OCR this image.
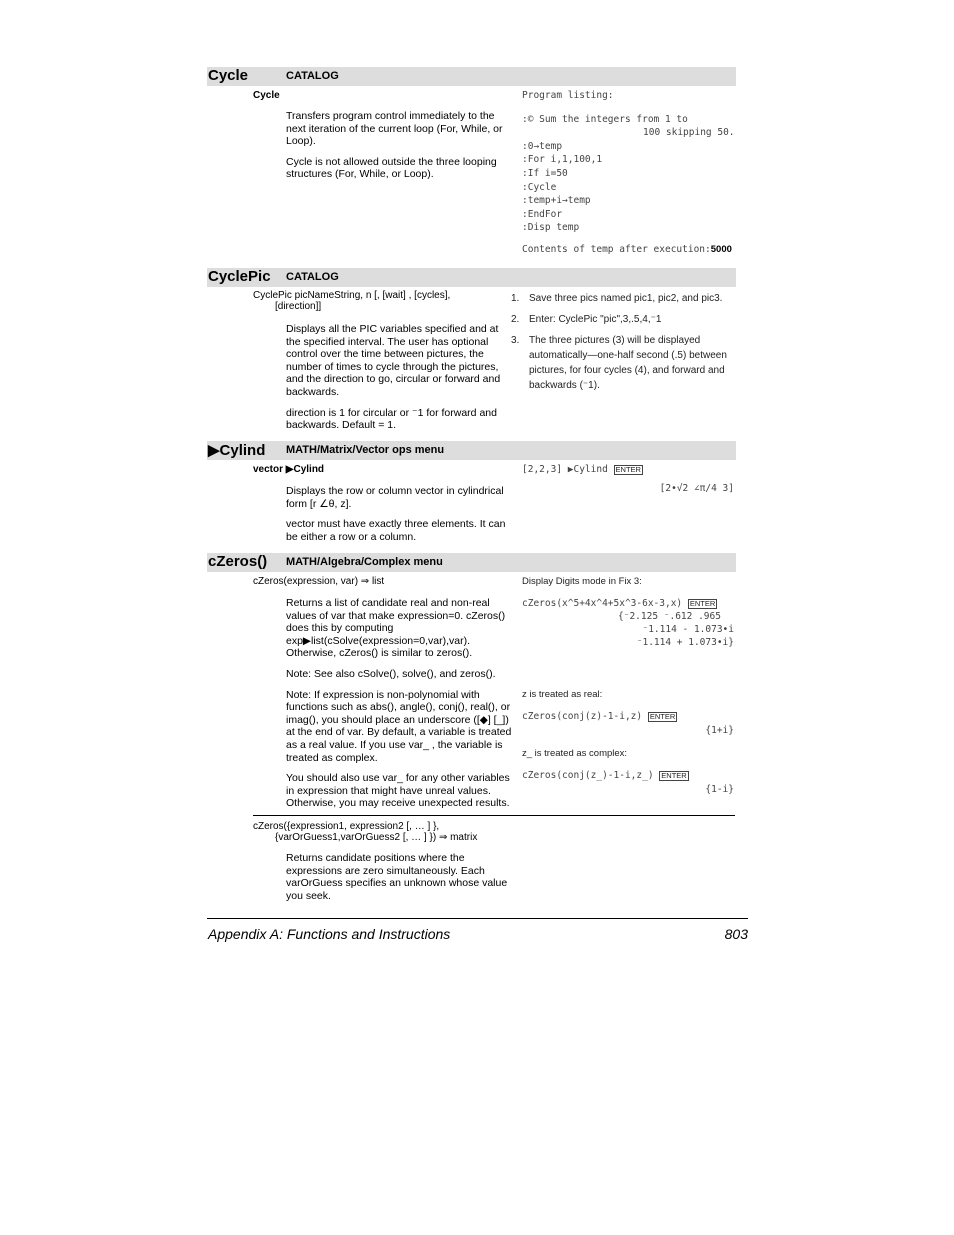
Cycle	CATALOG
Cycle

Transfers program control immediately to the next iteration of the current loop (For, While, or Loop).

Cycle is not allowed outside the three looping structures (For, While, or Loop).

Program listing:
:© Sum the integers from 1 to
100 skipping 50.
:0→temp
:For i,1,100,1
:If i=50
:Cycle
:temp+i→temp
:EndFor
:Disp temp
Contents of temp after execution:5000
CyclePic CATALOG
CyclePic picNameString, n [, [wait] , [cycles],
[direction]]

Displays all the PIC variables specified and at the specified interval. The user has optional control over the time between pictures, the number of times to cycle through the pictures, and the direction to go, circular or forward and backwards.

direction is 1 for circular or ⁻1 for forward and backwards. Default = 1.

1. Save three pics named pic1, pic2, and pic3.
2. Enter: CyclePic "pic",3,.5,4,⁻1
3. The three pictures (3) will be displayed automatically—one-half second (.5) between pictures, for four cycles (4), and forward and backwards (⁻1).
▶Cylind MATH/Matrix/Vector ops menu
vector ▶Cylind

Displays the row or column vector in cylindrical form [r ∠θ, z].

vector must have exactly three elements. It can be either a row or a column.

[2,2,3] ▶Cylind ENTER
[2•√2 ∠π/4 3]
cZeros() MATH/Algebra/Complex menu
cZeros(expression, var) ⇒ list

Returns a list of candidate real and non-real values of var that make expression=0. cZeros() does this by computing exp▶list(cSolve(expression=0,var),var). Otherwise, cZeros() is similar to zeros().

Note: See also cSolve(), solve(), and zeros().

Note: If expression is non-polynomial with functions such as abs(), angle(), conj(), real(), or imag(), you should place an underscore ([◆] [_]) at the end of var. By default, a variable is treated as a real value. If you use var_ , the variable is treated as complex.

You should also use var_ for any other variables in expression that might have unreal values. Otherwise, you may receive unexpected results.

Display Digits mode in Fix 3:
cZeros(x^5+4x^4+5x^3-6x-3,x) ENTER
{⁻2.125 ⁻.612 .965
⁻1.114 - 1.073•i
⁻1.114 + 1.073•i}
z is treated as real:
cZeros(conj(z)-1-i,z) ENTER
{1+i}
z_ is treated as complex:
cZeros(conj(z_)-1-i,z_) ENTER
{1-i}
cZeros({expression1, expression2 [, … ] },
{varOrGuess1,varOrGuess2 [, … ] }) ⇒ matrix

Returns candidate positions where the expressions are zero simultaneously. Each varOrGuess specifies an unknown whose value you seek.

Appendix A: Functions and Instructions	803
